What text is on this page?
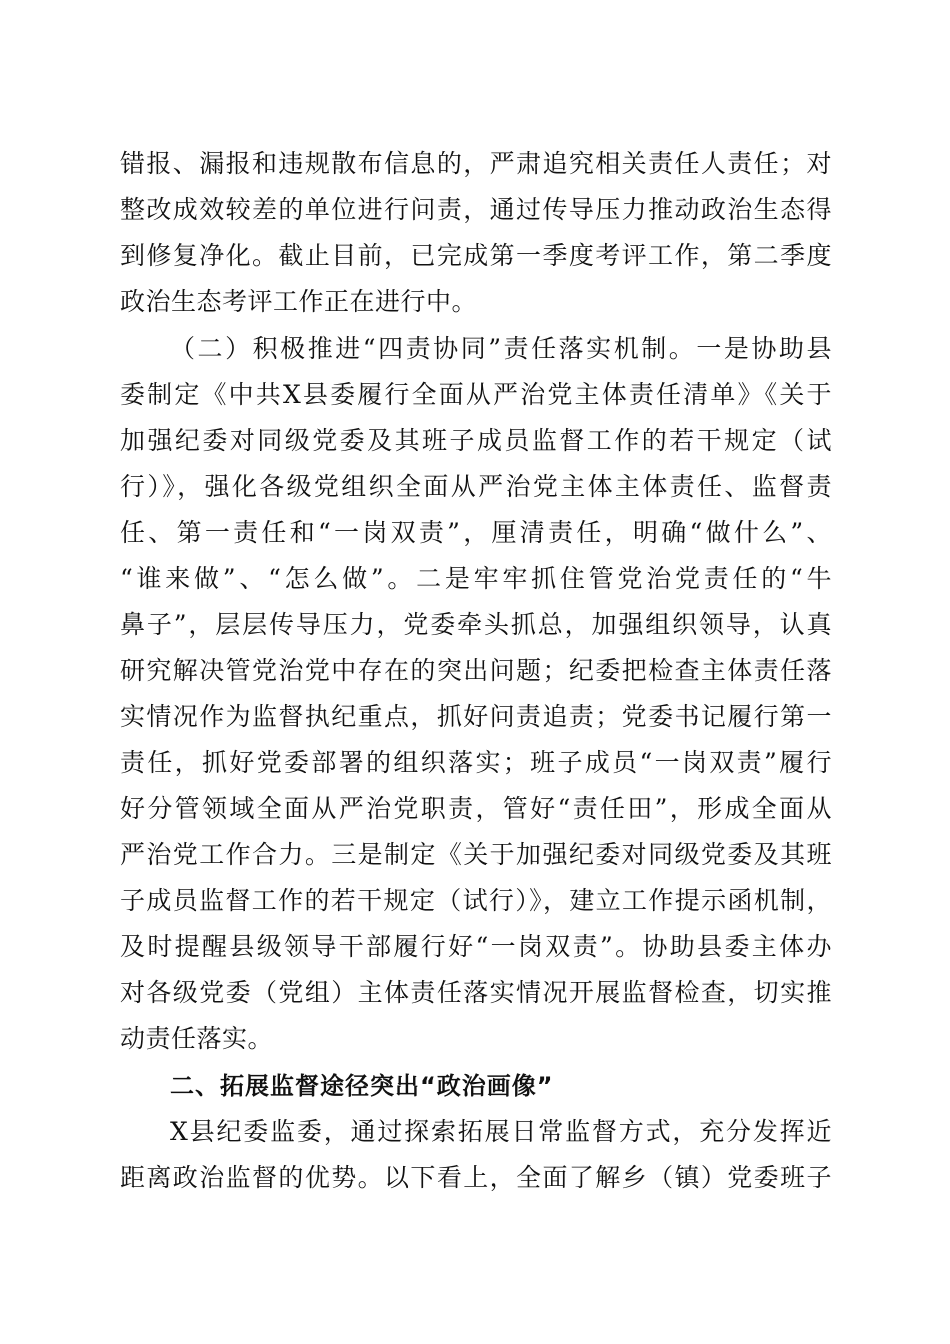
错报、漏报和违规散布信息的，严肃追究相关责任人责任；对
整改成效较差的单位进行问责，通过传导压力推动政治生态得
到修复净化。截止目前，已完成第一季度考评工作，第二季度
政治生态考评工作正在进行中。
（二）积极推进“四责协同”责任落实机制。一是协助县
委制定《中共X县委履行全面从严治党主体责任清单》《关于
加强纪委对同级党委及其班子成员监督工作的若干规定（试
行）》，强化各级党组织全面从严治党主体主体责任、监督责
任、第一责任和“一岗双责”，厘清责任，明确“做什么”、
“谁来做”、“怎么做”。二是牢牢抓住管党治党责任的“牛
鼻子”，层层传导压力，党委牵头抓总，加强组织领导，认真
研究解决管党治党中存在的突出问题；纪委把检查主体责任落
实情况作为监督执纪重点，抓好问责追责；党委书记履行第一
责任，抓好党委部署的组织落实；班子成员“一岗双责”履行
好分管领域全面从严治党职责，管好“责任田”，形成全面从
严治党工作合力。三是制定《关于加强纪委对同级党委及其班
子成员监督工作的若干规定（试行）》，建立工作提示函机制，
及时提醒县级领导干部履行好“一岗双责”。协助县委主体办
对各级党委（党组）主体责任落实情况开展监督检查，切实推
动责任落实。
二、拓展监督途径突出“政治画像”
X县纪委监委，通过探索拓展日常监督方式，充分发挥近
距离政治监督的优势。以下看上，全面了解乡（镇）党委班子
